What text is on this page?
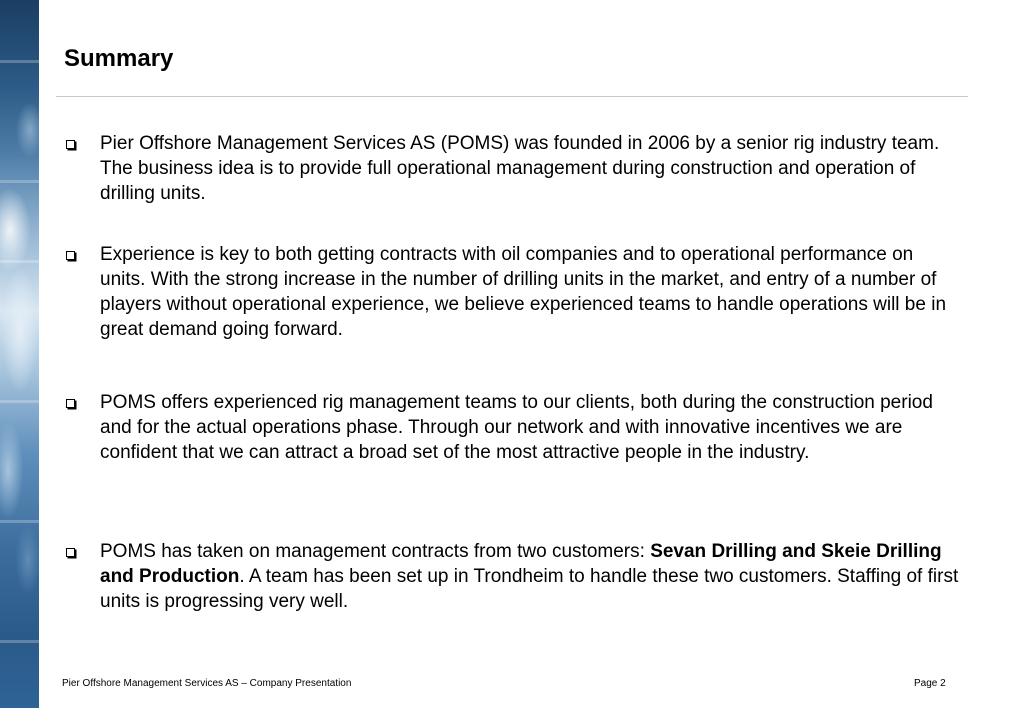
Summary
Pier Offshore Management Services AS (POMS) was founded in 2006 by a senior rig industry team. The business idea is to provide full operational management during construction and operation of drilling units.
Experience is key to both getting contracts with oil companies and to operational performance on units. With the strong increase in the number of drilling units in the market, and entry of a number of players without operational experience, we believe experienced teams to handle operations will be in great demand going forward.
POMS offers experienced rig management teams to our clients, both during the construction period and for the actual operations phase. Through our network and with innovative incentives we are confident that we can attract a broad set of the most attractive people in the industry.
POMS has taken on management contracts from two customers: Sevan Drilling and Skeie Drilling and Production. A team has been set up in Trondheim to handle these two customers. Staffing of first units is progressing very well.
Pier Offshore Management Services AS – Company Presentation	Page 2
